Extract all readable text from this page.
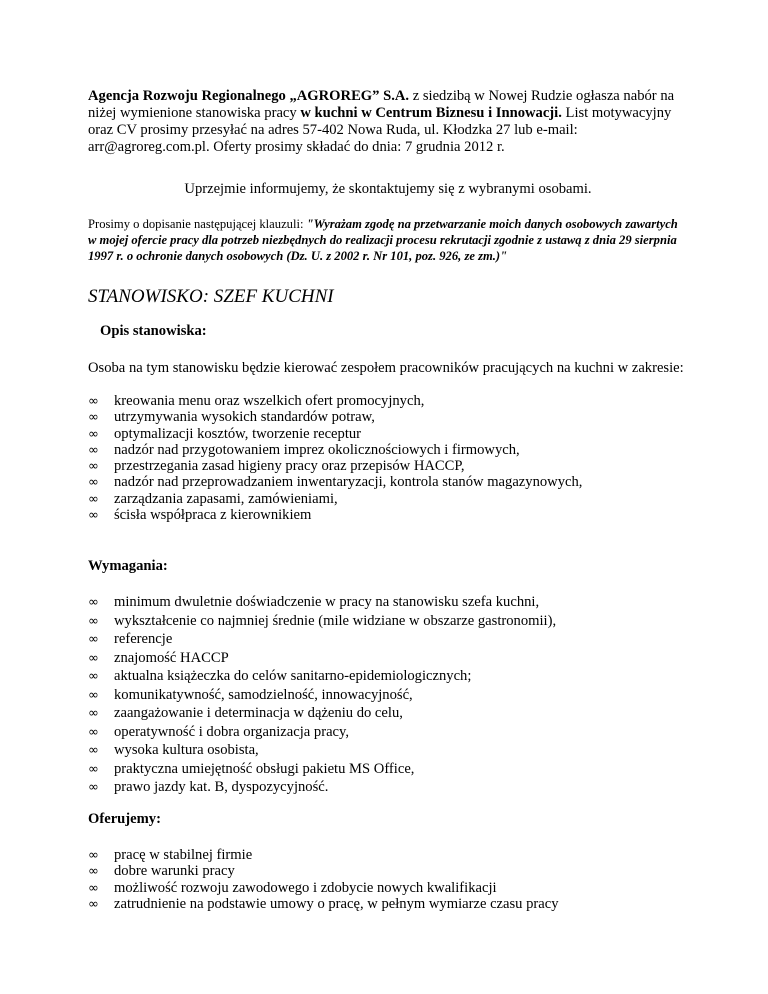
Agencja Rozwoju Regionalnego „AGROREG” S.A. z siedzibą w Nowej Rudzie ogłasza nabór na niżej wymienione stanowiska pracy w kuchni w Centrum Biznesu i Innowacji. List motywacyjny oraz CV prosimy przesyłać na adres 57-402 Nowa Ruda, ul. Kłodzka 27 lub e-mail: arr@agroreg.com.pl. Oferty prosimy składać do dnia: 7 grudnia 2012 r.

Uprzejmie informujemy, że skontaktujemy się z wybranymi osobami.

Prosimy o dopisanie następującej klauzuli: "Wyrażam zgodę na przetwarzanie moich danych osobowych zawartych w mojej ofercie pracy dla potrzeb niezbędnych do realizacji procesu rekrutacji zgodnie z ustawą z dnia 29 sierpnia 1997 r. o ochronie danych osobowych (Dz. U. z 2002 r. Nr 101, poz. 926, ze zm.)"

STANOWISKO: SZEF KUCHNI

Opis stanowiska:

Osoba na tym stanowisku będzie kierować zespołem pracowników pracujących na kuchni w zakresie:

∞	kreowania menu oraz wszelkich ofert promocyjnych,
∞	utrzymywania wysokich standardów potraw,
∞	optymalizacji kosztów, tworzenie receptur
∞	nadzór nad przygotowaniem imprez okolicznościowych i firmowych,
∞	przestrzegania zasad higieny pracy oraz przepisów HACCP,
∞	nadzór nad przeprowadzaniem inwentaryzacji, kontrola stanów magazynowych,
∞	zarządzania zapasami, zamówieniami,
∞	ścisła współpraca z kierownikiem

Wymagania:

∞	minimum dwuletnie doświadczenie w pracy na stanowisku szefa kuchni,
∞	wykształcenie co najmniej średnie (mile widziane w obszarze gastronomii),
∞	referencje
∞	znajomość HACCP
∞	aktualna książeczka do celów sanitarno-epidemiologicznych;
∞	komunikatywność, samodzielność, innowacyjność,
∞	zaangażowanie i determinacja w dążeniu do celu,
∞	operatywność i dobra organizacja pracy,
∞	wysoka kultura osobista,
∞	praktyczna umiejętność obsługi pakietu MS Office,
∞	prawo jazdy kat. B, dyspozycyjność.

Oferujemy:

∞	pracę w stabilnej firmie
∞	dobre warunki pracy
∞	możliwość rozwoju zawodowego i zdobycie nowych kwalifikacji
∞	zatrudnienie na podstawie umowy o pracę, w pełnym wymiarze czasu pracy
